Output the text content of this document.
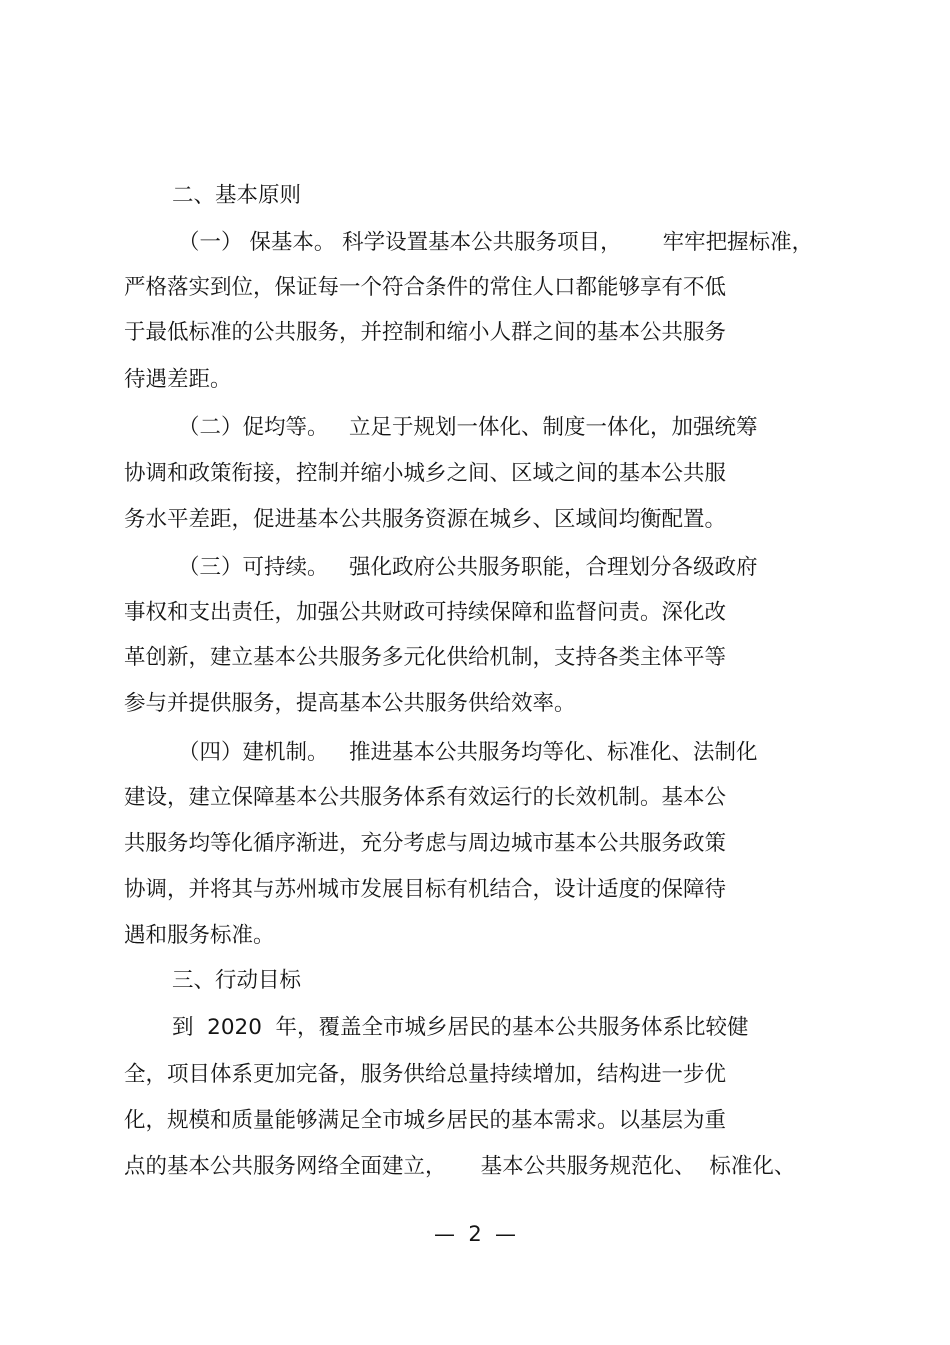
二、基本原则
（一） 保基本。 科学设置基本公共服务项目，      牢牢把握标准，
严格落实到位，保证每一个符合条件的常住人口都能够享有不低
于最低标准的公共服务，并控制和缩小人群之间的基本公共服务
待遇差距。
（二）促均等。   立足于规划一体化、制度一体化，加强统筹
协调和政策衔接，控制并缩小城乡之间、区域之间的基本公共服
务水平差距，促进基本公共服务资源在城乡、区域间均衡配置。
（三）可持续。   强化政府公共服务职能，合理划分各级政府
事权和支出责任，加强公共财政可持续保障和监督问责。深化改
革创新，建立基本公共服务多元化供给机制，支持各类主体平等
参与并提供服务，提高基本公共服务供给效率。
（四）建机制。   推进基本公共服务均等化、标准化、法制化
建设，建立保障基本公共服务体系有效运行的长效机制。基本公
共服务均等化循序渐进，充分考虑与周边城市基本公共服务政策
协调，并将其与苏州城市发展目标有机结合，设计适度的保障待
遇和服务标准。
三、行动目标
到  2020  年，覆盖全市城乡居民的基本公共服务体系比较健
全，项目体系更加完备，服务供给总量持续增加，结构进一步优
化，规模和质量能够满足全市城乡居民的基本需求。以基层为重
点的基本公共服务网络全面建立，     基本公共服务规范化、  标准化、
—  2  —
